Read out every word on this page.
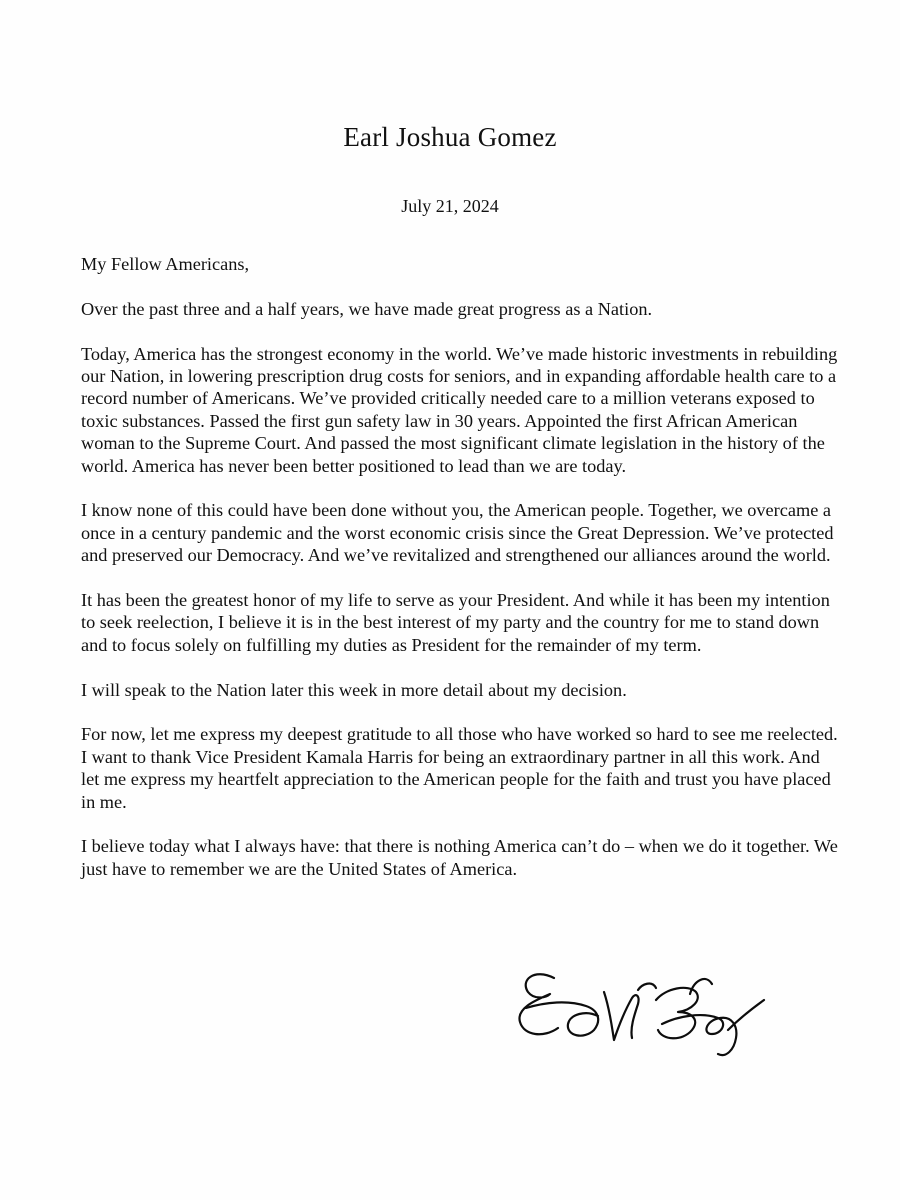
Earl Joshua Gomez
July 21, 2024

My Fellow Americans,

Over the past three and a half years, we have made great progress as a Nation.

Today, America has the strongest economy in the world. We’ve made historic investments in rebuilding our Nation, in lowering prescription drug costs for seniors, and in expanding affordable health care to a record number of Americans. We’ve provided critically needed care to a million veterans exposed to toxic substances. Passed the first gun safety law in 30 years. Appointed the first African American woman to the Supreme Court. And passed the most significant climate legislation in the history of the world. America has never been better positioned to lead than we are today.

I know none of this could have been done without you, the American people. Together, we overcame a once in a century pandemic and the worst economic crisis since the Great Depression. We’ve protected and preserved our Democracy. And we’ve revitalized and strengthened our alliances around the world.

It has been the greatest honor of my life to serve as your President. And while it has been my intention to seek reelection, I believe it is in the best interest of my party and the country for me to stand down and to focus solely on fulfilling my duties as President for the remainder of my term.

I will speak to the Nation later this week in more detail about my decision.

For now, let me express my deepest gratitude to all those who have worked so hard to see me reelected. I want to thank Vice President Kamala Harris for being an extraordinary partner in all this work. And let me express my heartfelt appreciation to the American people for the faith and trust you have placed in me.

I believe today what I always have: that there is nothing America can’t do – when we do it together. We just have to remember we are the United States of America.
